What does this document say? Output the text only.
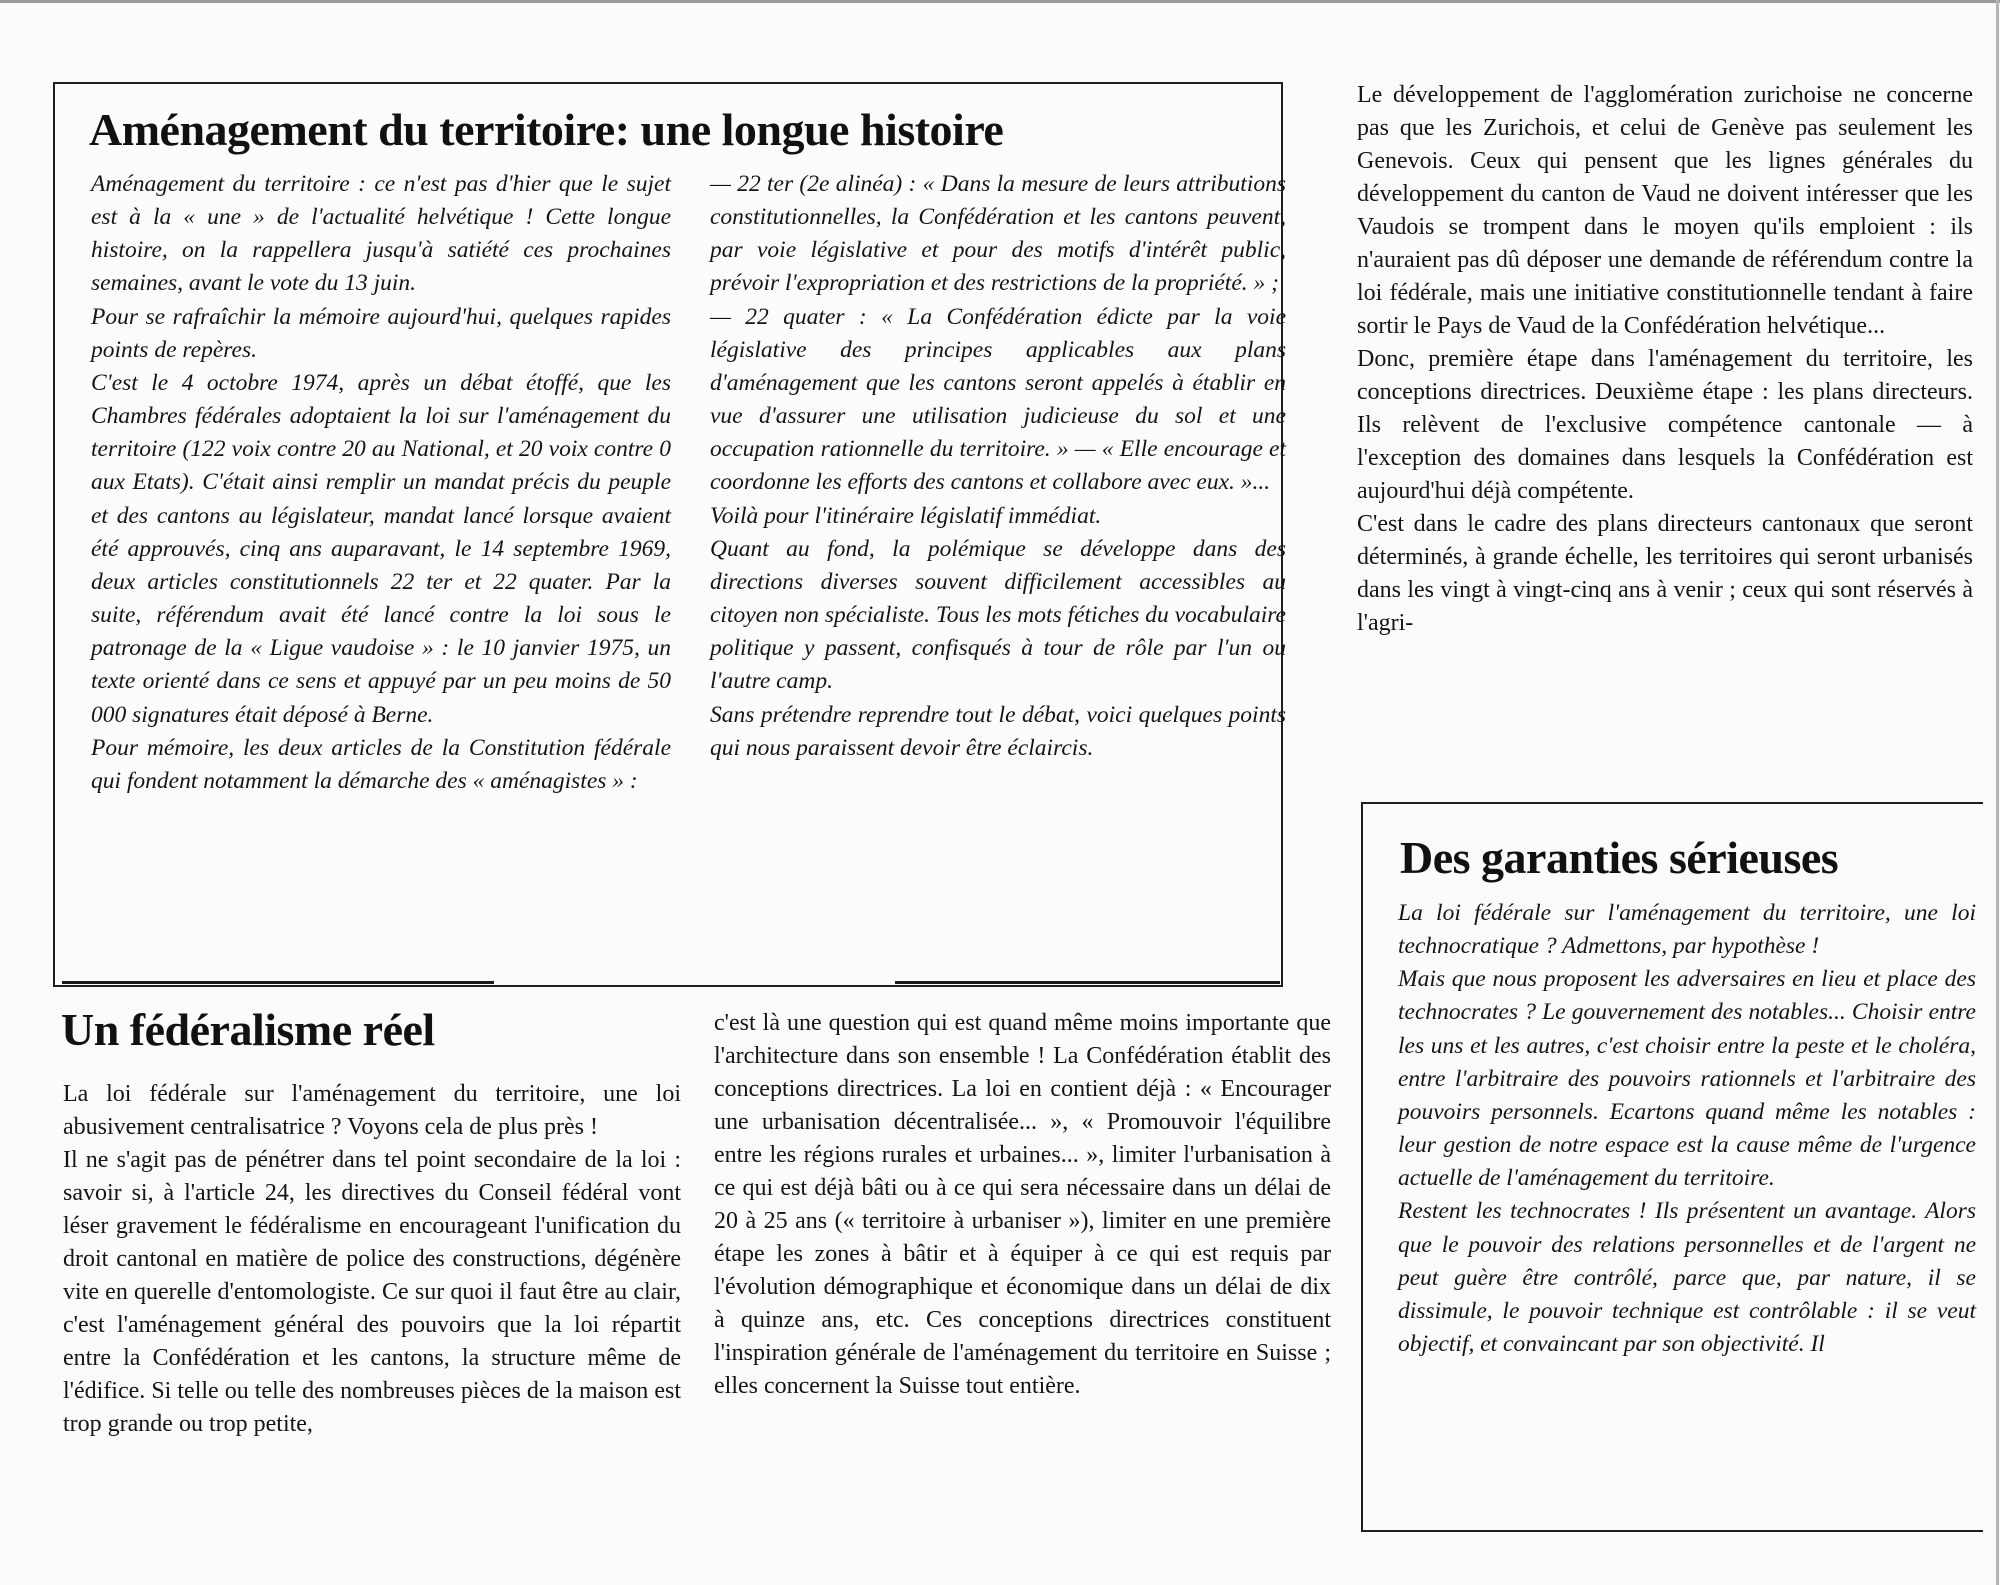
Aménagement du territoire: une longue histoire

Aménagement du territoire : ce n'est pas d'hier que le sujet est à la « une » de l'actualité helvétique ! Cette longue histoire, on la rappellera jusqu'à satiété ces prochaines semaines, avant le vote du 13 juin.

Pour se rafraîchir la mémoire aujourd'hui, quelques rapides points de repères.

C'est le 4 octobre 1974, après un débat étoffé, que les Chambres fédérales adoptaient la loi sur l'aménagement du territoire (122 voix contre 20 au National, et 20 voix contre 0 aux Etats). C'était ainsi remplir un mandat précis du peuple et des cantons au législateur, mandat lancé lorsque avaient été approuvés, cinq ans auparavant, le 14 septembre 1969, deux articles constitutionnels 22 ter et 22 quater. Par la suite, référendum avait été lancé contre la loi sous le patronage de la « Ligue vaudoise » : le 10 janvier 1975, un texte orienté dans ce sens et appuyé par un peu moins de 50 000 signatures était déposé à Berne.

Pour mémoire, les deux articles de la Constitution fédérale qui fondent notamment la démarche des « aménagistes » :

— 22 ter (2e alinéa) : « Dans la mesure de leurs attributions constitutionnelles, la Confédération et les cantons peuvent, par voie législative et pour des motifs d'intérêt public, prévoir l'expropriation et des restrictions de la propriété. » ;

— 22 quater : « La Confédération édicte par la voie législative des principes applicables aux plans d'aménagement que les cantons seront appelés à établir en vue d'assurer une utilisation judicieuse du sol et une occupation rationnelle du territoire. » — « Elle encourage et coordonne les efforts des cantons et collabore avec eux. »...

Voilà pour l'itinéraire législatif immédiat.

Quant au fond, la polémique se développe dans des directions diverses souvent difficilement accessibles au citoyen non spécialiste. Tous les mots fétiches du vocabulaire politique y passent, confisqués à tour de rôle par l'un ou l'autre camp.

Sans prétendre reprendre tout le débat, voici quelques points qui nous paraissent devoir être éclaircis.

Le développement de l'agglomération zurichoise ne concerne pas que les Zurichois, et celui de Genève pas seulement les Genevois. Ceux qui pensent que les lignes générales du développement du canton de Vaud ne doivent intéresser que les Vaudois se trompent dans le moyen qu'ils emploient : ils n'auraient pas dû déposer une demande de référendum contre la loi fédérale, mais une initiative constitutionnelle tendant à faire sortir le Pays de Vaud de la Confédération helvétique...

Donc, première étape dans l'aménagement du territoire, les conceptions directrices. Deuxième étape : les plans directeurs. Ils relèvent de l'exclusive compétence cantonale — à l'exception des domaines dans lesquels la Confédération est aujourd'hui déjà compétente.

C'est dans le cadre des plans directeurs cantonaux que seront déterminés, à grande échelle, les territoires qui seront urbanisés dans les vingt à vingt-cinq ans à venir ; ceux qui sont réservés à l'agri-

Un fédéralisme réel

La loi fédérale sur l'aménagement du territoire, une loi abusivement centralisatrice ? Voyons cela de plus près !

Il ne s'agit pas de pénétrer dans tel point secondaire de la loi : savoir si, à l'article 24, les directives du Conseil fédéral vont léser gravement le fédéralisme en encourageant l'unification du droit cantonal en matière de police des constructions, dégénère vite en querelle d'entomologiste. Ce sur quoi il faut être au clair, c'est l'aménagement général des pouvoirs que la loi répartit entre la Confédération et les cantons, la structure même de l'édifice. Si telle ou telle des nombreuses pièces de la maison est trop grande ou trop petite,

c'est là une question qui est quand même moins importante que l'architecture dans son ensemble ! La Confédération établit des conceptions directrices. La loi en contient déjà : « Encourager une urbanisation décentralisée... », « Promouvoir l'équilibre entre les régions rurales et urbaines... », limiter l'urbanisation à ce qui est déjà bâti ou à ce qui sera nécessaire dans un délai de 20 à 25 ans (« territoire à urbaniser »), limiter en une première étape les zones à bâtir et à équiper à ce qui est requis par l'évolution démographique et économique dans un délai de dix à quinze ans, etc. Ces conceptions directrices constituent l'inspiration générale de l'aménagement du territoire en Suisse ; elles concernent la Suisse tout entière.

Des garanties sérieuses

La loi fédérale sur l'aménagement du territoire, une loi technocratique ? Admettons, par hypothèse !

Mais que nous proposent les adversaires en lieu et place des technocrates ? Le gouvernement des notables... Choisir entre les uns et les autres, c'est choisir entre la peste et le choléra, entre l'arbitraire des pouvoirs rationnels et l'arbitraire des pouvoirs personnels. Ecartons quand même les notables : leur gestion de notre espace est la cause même de l'urgence actuelle de l'aménagement du territoire.

Restent les technocrates ! Ils présentent un avantage. Alors que le pouvoir des relations personnelles et de l'argent ne peut guère être contrôlé, parce que, par nature, il se dissimule, le pouvoir technique est contrôlable : il se veut objectif, et convaincant par son objectivité. Il
